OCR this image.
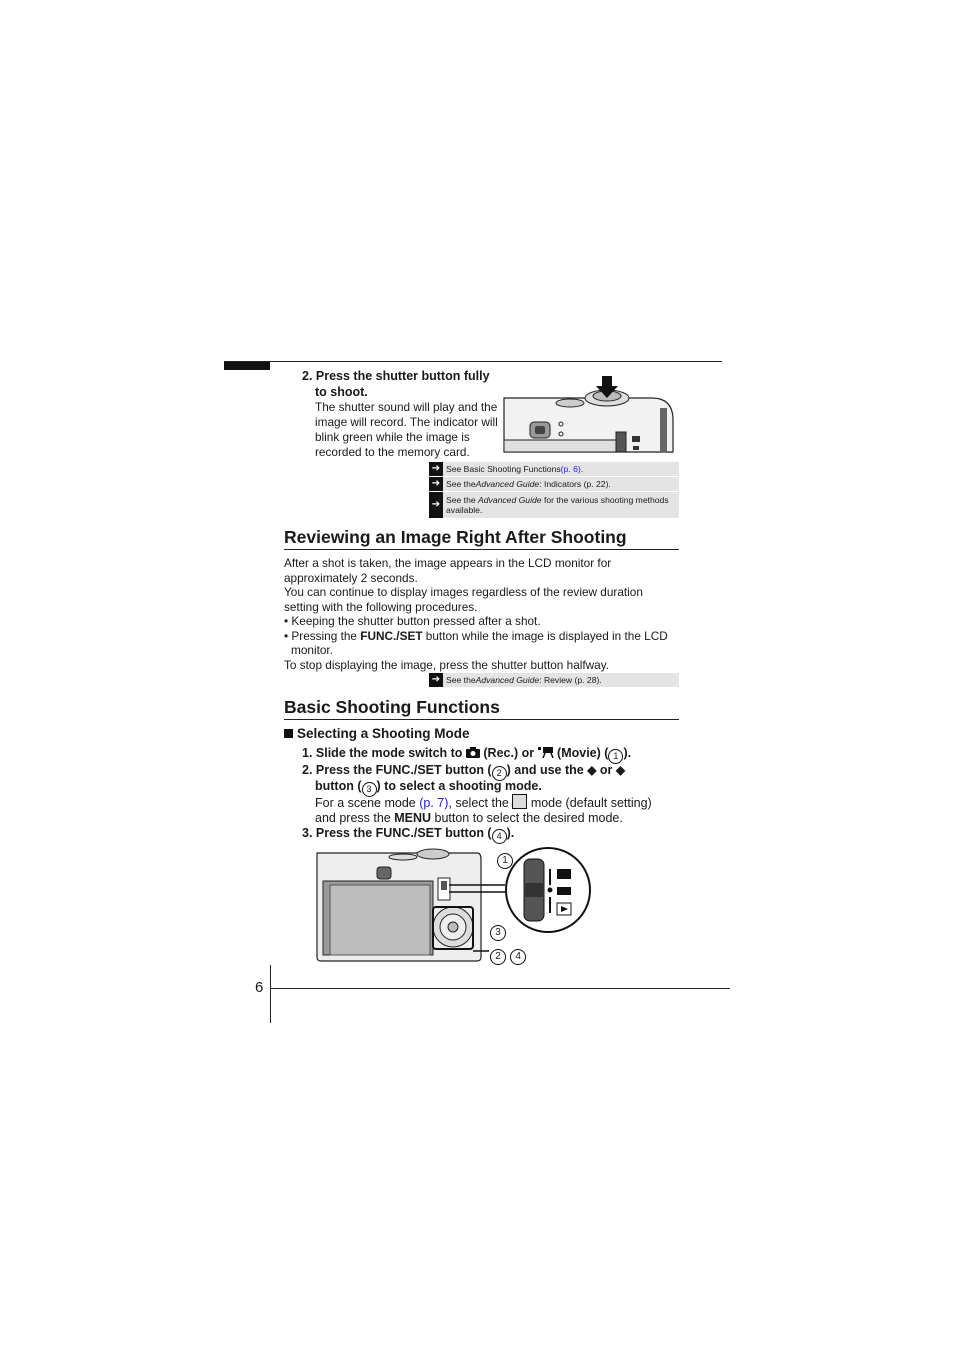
2. Press the shutter button fully
to shoot.
The shutter sound will play and the
image will record. The indicator will
blink green while the image is
recorded to the memory card.
➔ See Basic Shooting Functions (p. 6) .
➔ See the Advanced Guide : Indicators (p. 22).
➔ See the Advanced Guide for the various shooting methods
available.
Reviewing an Image Right After Shooting
After a shot is taken, the image appears in the LCD monitor for
approximately 2 seconds.
You can continue to display images regardless of the review duration
setting with the following procedures.
• Keeping the shutter button pressed after a shot.
• Pressing the FUNC./SET button while the image is displayed in the LCD
monitor.
To stop displaying the image, press the shutter button halfway.
➔ See the Advanced Guide : Review (p. 28).
Basic Shooting Functions
Selecting a Shooting Mode
1. Slide the mode switch to  (Rec.) or  (Movie) ( 1 ).
2. Press the FUNC./SET button ( 2 ) and use the ◆ or ◆
button ( 3 ) to select a shooting mode.
For a scene mode (p. 7), select the  mode (default setting)
and press the MENU button to select the desired mode.
3. Press the FUNC./SET button ( 4 ).
1
3
2 4
6
